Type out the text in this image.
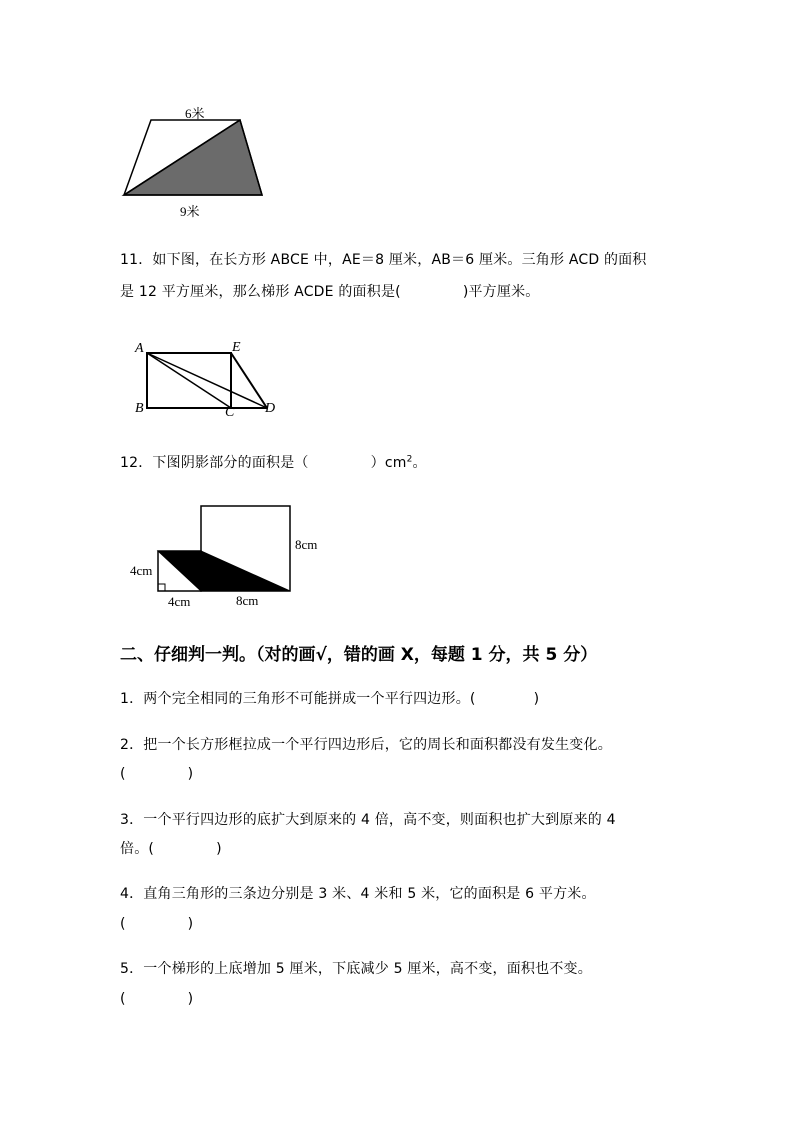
6米
9米
11．如下图，在长方形 ABCE 中，AE＝8 厘米，AB＝6 厘米。三角形 ACD 的面积
是 12 平方厘米，那么梯形 ACDE 的面积是(	)平方厘米。
A	E
B	C D
12．下图阴影部分的面积是（	）$cm^2$。
4cm
4cm	8cm
8cm
二、仔细判一判。（对的画√，错的画 X，每题 1 分，共 5 分）
1．两个完全相同的三角形不可能拼成一个平行四边形。(	)
2．把一个长方形框拉成一个平行四边形后，它的周长和面积都没有发生变化。
(	)
3．一个平行四边形的底扩大到原来的 4 倍，高不变，则面积也扩大到原来的 4
倍。(	)
4．直角三角形的三条边分别是 3 米、4 米和 5 米，它的面积是 6 平方米。
(	)
5．一个梯形的上底增加 5 厘米，下底减少 5 厘米，高不变，面积也不变。
(	)
